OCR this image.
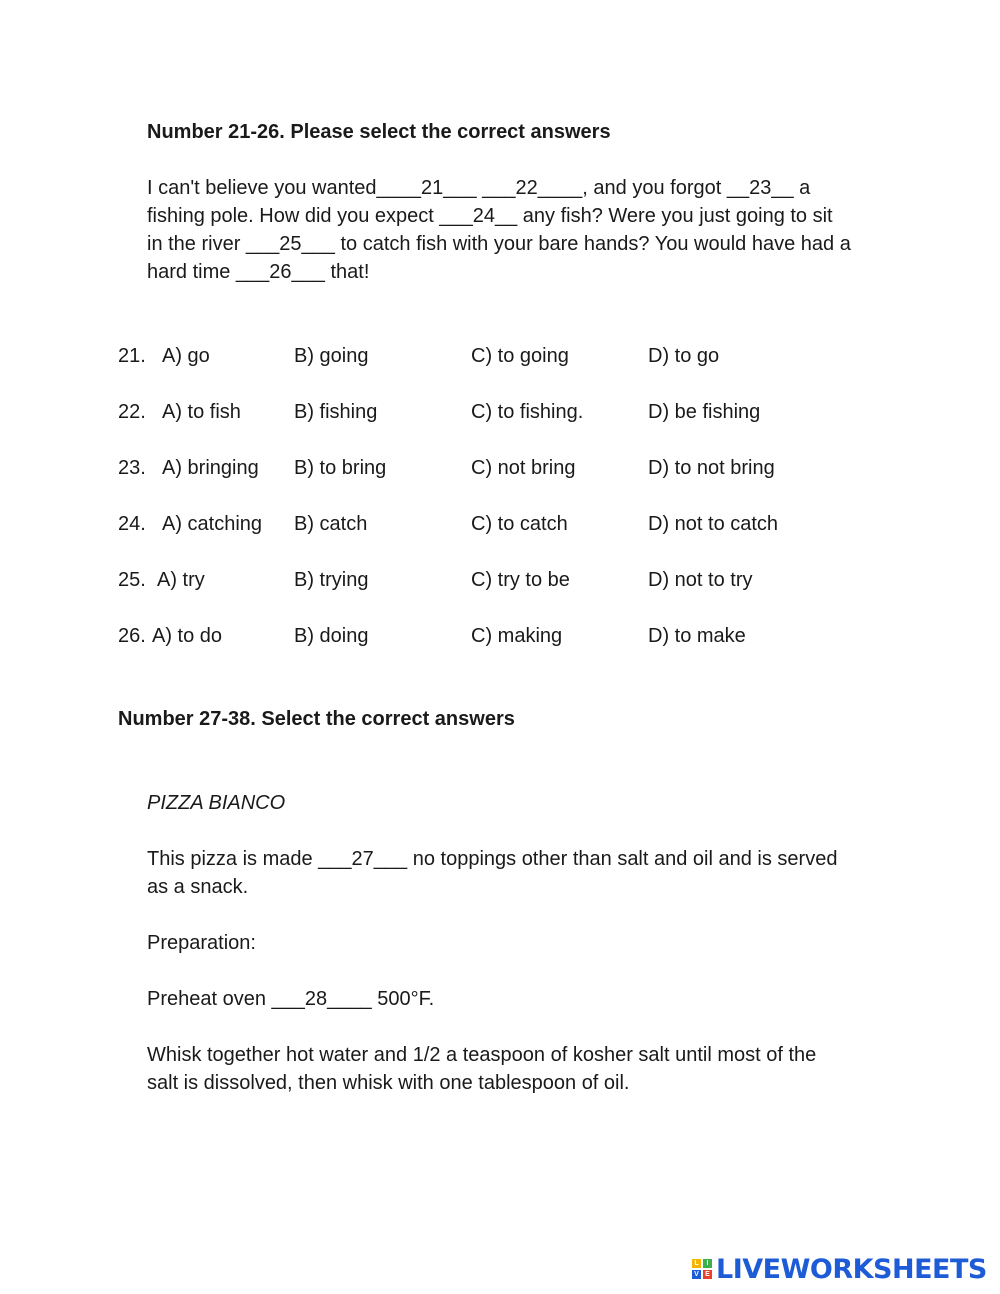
Number 21-26. Please select the correct answers
I can't believe you wanted____21___ ___22____, and you forgot __23__ a
fishing pole. How did you expect ___24__ any fish? Were you just going to sit
in the river ___25___ to catch fish with your bare hands? You would have had a
hard time ___26___ that!
21. A) go	B) going	C) to going	D) to go
22. A) to fish	B) fishing	C) to fishing.	D) be fishing
23. A) bringing B) to bring	C) not bring	D) to not bring
24. A) catching B) catch	C) to catch	D) not to catch
25. A) try	B) trying	C) try to be	D) not to try
26. A) to do	B) doing	C) making	D) to make
Number 27-38. Select the correct answers
PIZZA BIANCO
This pizza is made ___27___ no toppings other than salt and oil and is served
as a snack.
Preparation:
Preheat oven ___28____ 500°F.
Whisk together hot water and 1/2 a teaspoon of kosher salt until most of the
salt is dissolved, then whisk with one tablespoon of oil.
L	I
V E LIVEWORKSHEETS
